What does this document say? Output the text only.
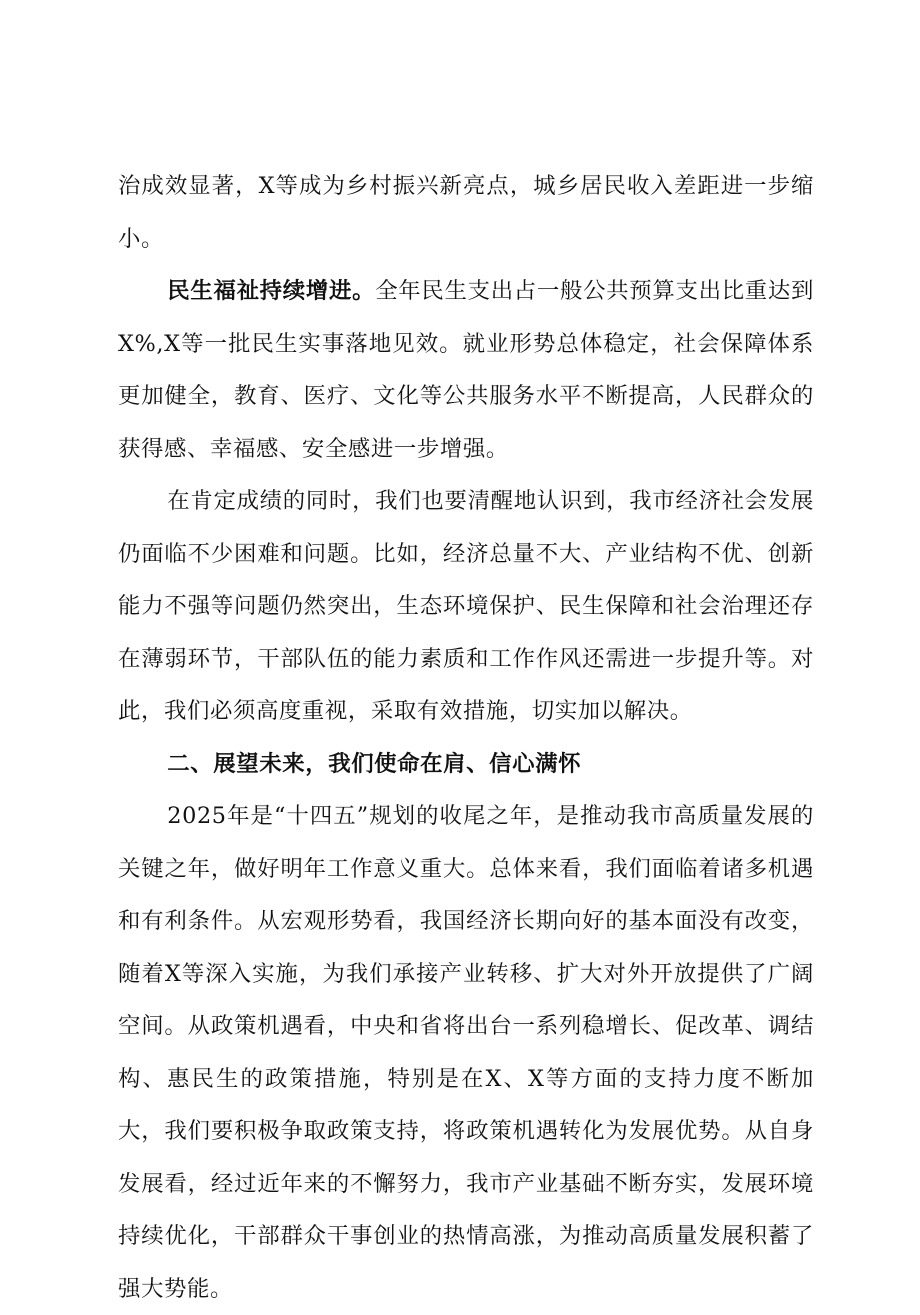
治成效显著，X等成为乡村振兴新亮点，城乡居民收入差距进一步缩小。

民生福祉持续增进。全年民生支出占一般公共预算支出比重达到X%,X等一批民生实事落地见效。就业形势总体稳定，社会保障体系更加健全，教育、医疗、文化等公共服务水平不断提高，人民群众的获得感、幸福感、安全感进一步增强。

在肯定成绩的同时，我们也要清醒地认识到，我市经济社会发展仍面临不少困难和问题。比如，经济总量不大、产业结构不优、创新能力不强等问题仍然突出，生态环境保护、民生保障和社会治理还存在薄弱环节，干部队伍的能力素质和工作作风还需进一步提升等。对此，我们必须高度重视，采取有效措施，切实加以解决。

二、展望未来，我们使命在肩、信心满怀

2025年是“十四五”规划的收尾之年，是推动我市高质量发展的关键之年，做好明年工作意义重大。总体来看，我们面临着诸多机遇和有利条件。从宏观形势看，我国经济长期向好的基本面没有改变，随着X等深入实施，为我们承接产业转移、扩大对外开放提供了广阔空间。从政策机遇看，中央和省将出台一系列稳增长、促改革、调结构、惠民生的政策措施，特别是在X、X等方面的支持力度不断加大，我们要积极争取政策支持，将政策机遇转化为发展优势。从自身发展看，经过近年来的不懈努力，我市产业基础不断夯实，发展环境持续优化，干部群众干事创业的热情高涨，为推动高质量发展积蓄了强大势能。
